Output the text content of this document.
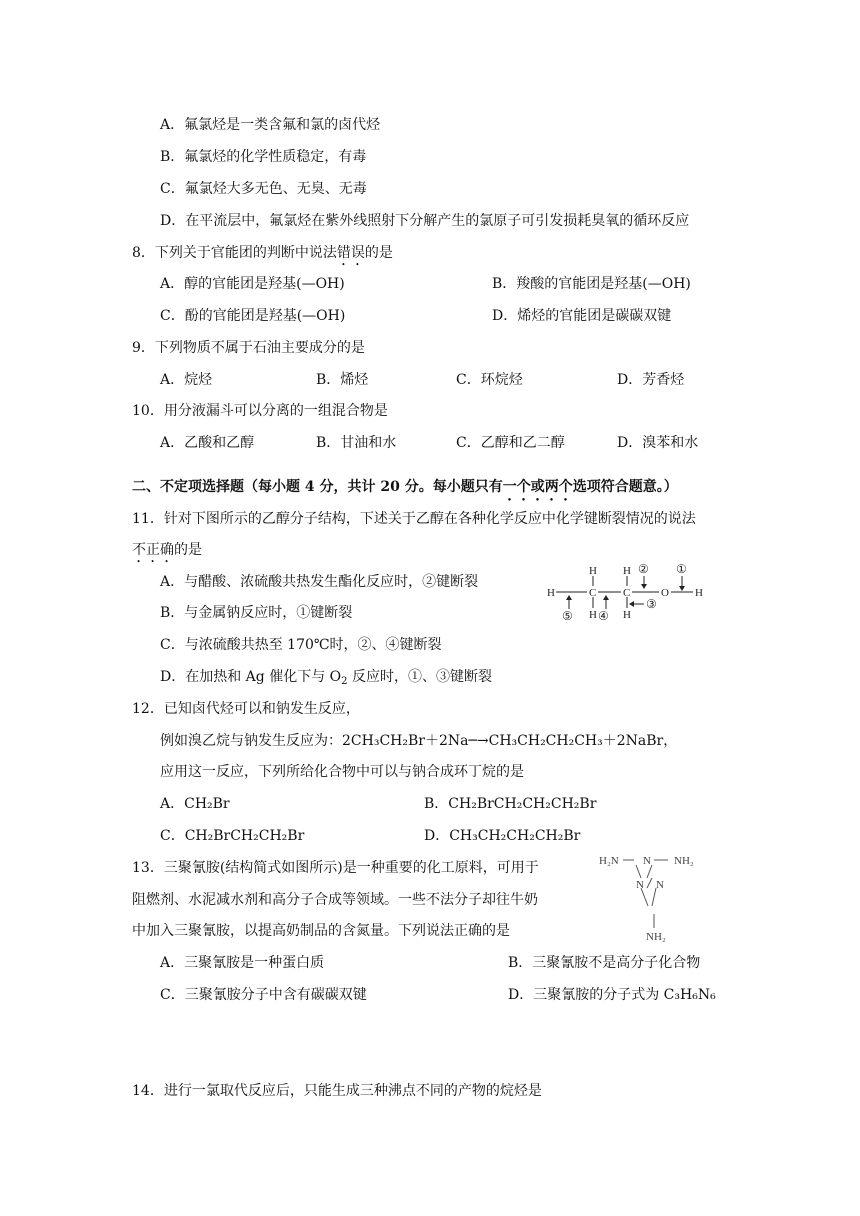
A．氟氯烃是一类含氟和氯的卤代烃
B．氟氯烃的化学性质稳定，有毒
C．氟氯烃大多无色、无臭、无毒
D．在平流层中，氟氯烃在紫外线照射下分解产生的氯原子可引发损耗臭氧的循环反应
8．下列关于官能团的判断中说法错误的是
A．醇的官能团是羟基(—OH)	B．羧酸的官能团是羟基(—OH)
C．酚的官能团是羟基(—OH)	D．烯烃的官能团是碳碳双键
9．下列物质不属于石油主要成分的是
A．烷烃	B．烯烃	C．环烷烃	D．芳香烃
10．用分液漏斗可以分离的一组混合物是
A．乙酸和乙醇	B．甘油和水	C．乙醇和乙二醇	D．溴苯和水
二、不定项选择题（每小题 4 分，共计 20 分。每小题只有一个或两个选项符合题意。）
11．针对下图所示的乙醇分子结构，下述关于乙醇在各种化学反应中化学键断裂情况的说法
不正确的是
A．与醋酸、浓硫酸共热发生酯化反应时，②键断裂
B．与金属钠反应时，①键断裂
C．与浓硫酸共热至 170℃时，②、④键断裂
D．在加热和 Ag 催化下与 $O_2$ 反应时，①、③键断裂
H H ② ①
H	C C	O H
③
⑤ H ④ H
12．已知卤代烃可以和钠发生反应，
例如溴乙烷与钠发生反应为：2CH₃CH₂Br＋2Na─→CH₃CH₂CH₂CH₃＋2NaBr，
应用这一反应，下列所给化合物中可以与钠合成环丁烷的是
A．CH₂Br	B．CH₂BrCH₂CH₂CH₂Br
C．CH₂BrCH₂CH₂Br	D．CH₃CH₂CH₂CH₂Br
13．三聚氰胺(结构简式如图所示)是一种重要的化工原料，可用于
阻燃剂、水泥减水剂和高分子合成等领域。一些不法分子却往牛奶
中加入三聚氰胺，以提高奶制品的含氮量。下列说法正确的是
A．三聚氰胺是一种蛋白质	B．三聚氰胺不是高分子化合物
C．三聚氰胺分子中含有碳碳双键	D．三聚氰胺的分子式为 C₃H₆N₆
H₂N	NH₂
N
N N
NH₂
14．进行一氯取代反应后，只能生成三种沸点不同的产物的烷烃是
